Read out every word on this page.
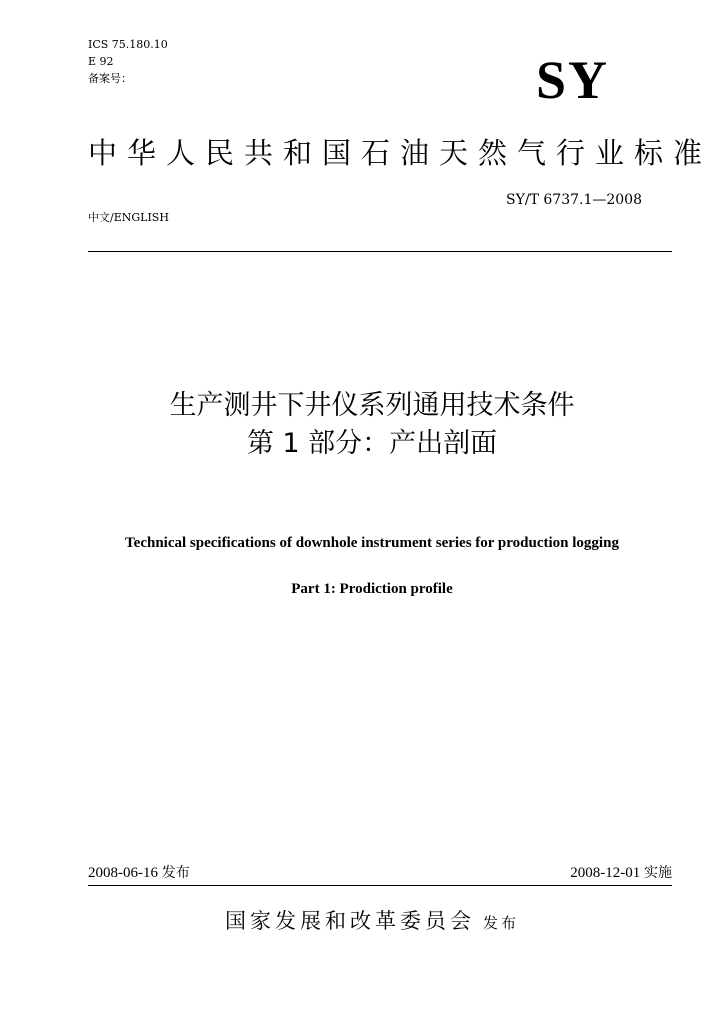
ICS 75.180.10
E 92
备案号：	SY
中华人民共和国石油天然气行业标准
SY/T 6737.1—2008
中文/ENGLISH
生产测井下井仪系列通用技术条件
第 1 部分：产出剖面
Technical specifications of downhole instrument series for production logging
Part 1: Prodiction profile
2008-06-16 发布	2008-12-01 实施
国家发展和改革委员会 发布
